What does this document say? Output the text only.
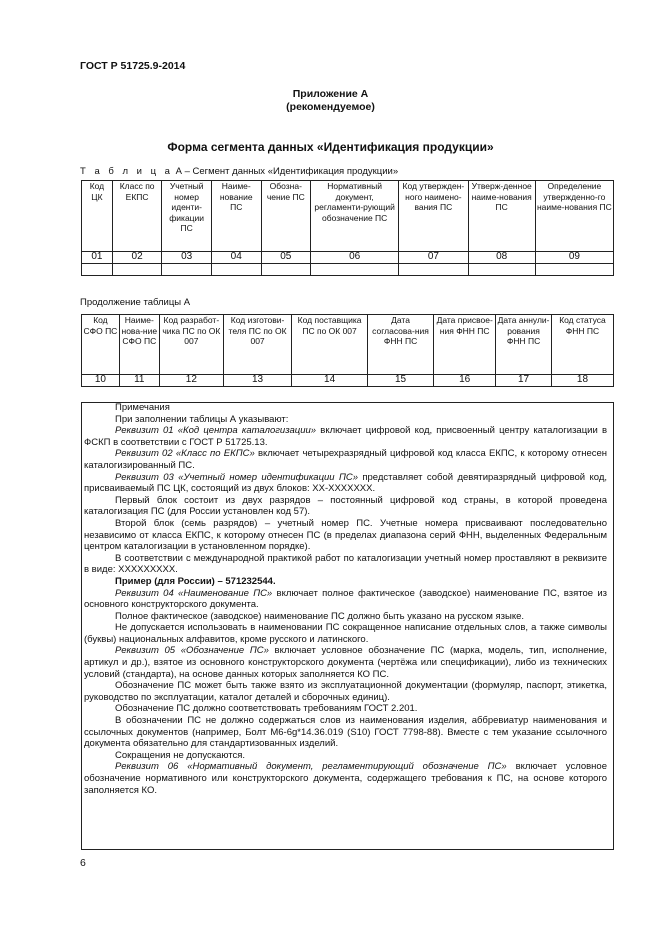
ГОСТ Р 51725.9-2014
Приложение А
(рекомендуемое)
Форма сегмента данных «Идентификация продукции»
Т а б л и ц а А – Сегмент данных «Идентификация продукции»
Код ЦК	Класс по ЕКПС	Учетный номер иденти-фикации ПС	Наиме-нование ПС	Обозна-чение ПС	Нормативный документ, регламенти-рующий обозначение ПС	Код утвержден-ного наимено-вания ПС	Утверж-денное наиме-нования ПС	Определение утвержденно-го наиме-нования ПС
01	02	03	04	05	06	07	08	09

Продолжение таблицы А
Код СФО ПС	Наиме-нова-ние СФО ПС	Код разработ-чика ПС по ОК 007	Код изготови-теля ПС по ОК 007	Код поставщика ПС по ОК 007	Дата согласова-ния ФНН ПС	Дата присвое-ния ФНН ПС	Дата аннули-рования ФНН ПС	Код статуса ФНН ПС
10	11	12	13	14	15	16	17	18

Примечания

При заполнении таблицы А указывают:

Реквизит 01 «Код центра каталогизации» включает цифровой код, присвоенный центру каталогизации в ФСКП в соответствии с ГОСТ Р 51725.13.

Реквизит 02 «Класс по ЕКПС» включает четырехразрядный цифровой код класса ЕКПС, к которому отнесен каталогизированный ПС.

Реквизит 03 «Учетный номер идентификации ПС» представляет собой девятиразрядный цифровой код, присваиваемый ПС ЦК, состоящий из двух блоков: XX-XXXXXXX.

Первый блок состоит из двух разрядов – постоянный цифровой код страны, в которой проведена каталогизация ПС (для России установлен код 57).

Второй блок (семь разрядов) – учетный номер ПС. Учетные номера присваивают последовательно независимо от класса ЕКПС, к которому отнесен ПС (в пределах диапазона серий ФНН, выделенных Федеральным центром каталогизации в установленном порядке).

В соответствии с международной практикой работ по каталогизации учетный номер проставляют в реквизите в виде: XXXXXXXXX.

Пример (для России) – 571232544.

Реквизит 04 «Наименование ПС» включает полное фактическое (заводское) наименование ПС, взятое из основного конструкторского документа.

Полное фактическое (заводское) наименование ПС должно быть указано на русском языке.

Не допускается использовать в наименовании ПС сокращенное написание отдельных слов, а также символы (буквы) национальных алфавитов, кроме русского и латинского.

Реквизит 05 «Обозначение ПС» включает условное обозначение ПС (марка, модель, тип, исполнение, артикул и др.), взятое из основного конструкторского документа (чертёжа или спецификации), либо из технических условий (стандарта), на основе данных которых заполняется КО ПС.

Обозначение ПС может быть также взято из эксплуатационной документации (формуляр, паспорт, этикетка, руководство по эксплуатации, каталог деталей и сборочных единиц).

Обозначение ПС должно соответствовать требованиям ГОСТ 2.201.

В обозначении ПС не должно содержаться слов из наименования изделия, аббревиатур наименования и ссылочных документов (например, Болт М6-6g*14.36.019 (S10) ГОСТ 7798-88). Вместе с тем указание ссылочного документа обязательно для стандартизованных изделий.

Сокращения не допускаются.

Реквизит 06 «Нормативный документ, регламентирующий обозначение ПС» включает условное обозначение нормативного или конструкторского документа, содержащего требования к ПС, на основе которого заполняется КО.

6
